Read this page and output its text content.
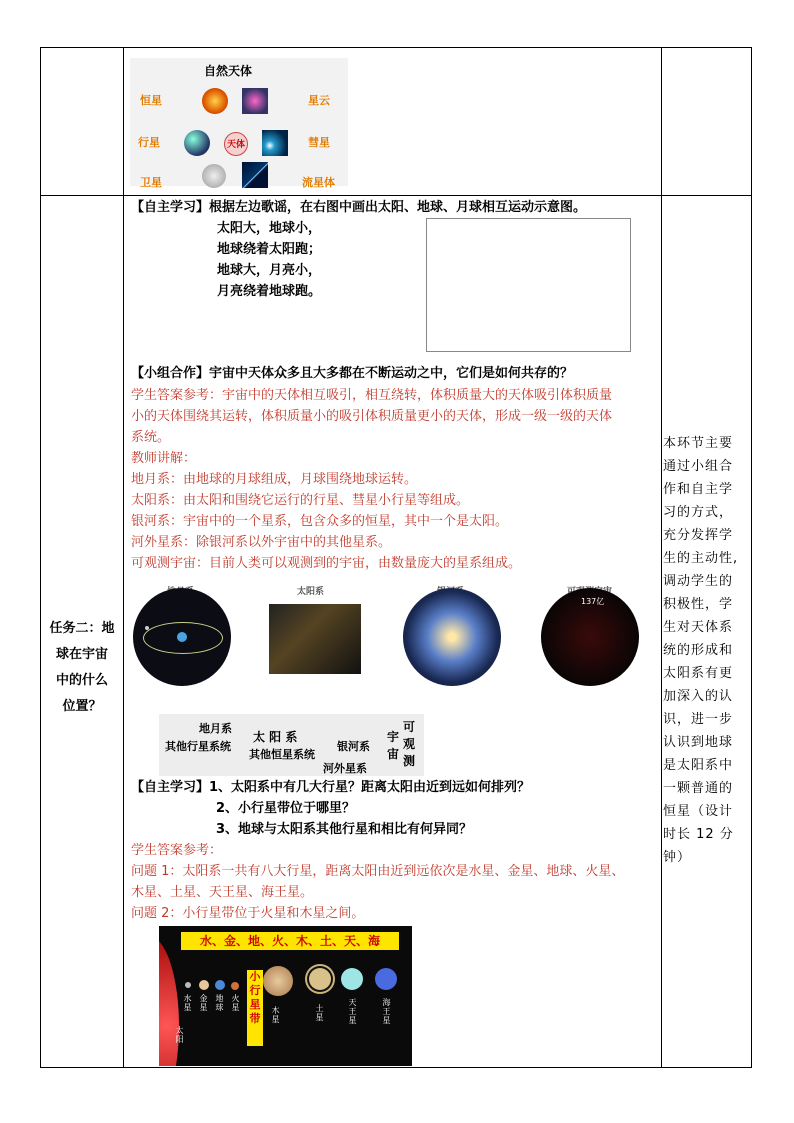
自然天体
恒星
行星
卫星
星云
彗星
流星体
天体
任务二：地
球在宇宙
中的什么
位置？
本环节主要
通过小组合
作和自主学
习的方式，
充分发挥学
生的主动性,
调动学生的
积极性，学
生对天体系
统的形成和
太阳系有更
加深入的认
识，进一步
认识到地球
是太阳系中
一颗普通的
恒星（设计
时长 12 分
钟）
【自主学习】根据左边歌谣，在右图中画出太阳、地球、月球相互运动示意图。
太阳大，地球小，
地球绕着太阳跑；
地球大，月亮小，
月亮绕着地球跑。
【小组合作】宇宙中天体众多且大多都在不断运动之中，它们是如何共存的？
学生答案参考：宇宙中的天体相互吸引，相互绕转，体积质量大的天体吸引体积质量
小的天体围绕其运转，体积质量小的吸引体积质量更小的天体，形成一级一级的天体
系统。
教师讲解：
地月系：由地球的月球组成，月球围绕地球运转。
太阳系：由太阳和围绕它运行的行星、彗星小行星等组成。
银河系：宇宙中的一个星系，包含众多的恒星，其中一个是太阳。
河外星系：除银河系以外宇宙中的其他星系。
可观测宇宙：目前人类可以观测到的宇宙，由数量庞大的星系组成。
太阳系
137亿
地月系
其他行星系统
太 阳 系
其他恒星系统
银河系
河外星系
宇宙
可观测
【自主学习】1、太阳系中有几大行星？距离太阳由近到远如何排列？
2、小行星带位于哪里？
3、地球与太阳系其他行星和相比有何异同？
学生答案参考：
问题 1：太阳系一共有八大行星，距离太阳由近到远依次是水星、金星、地球、火星、
木星、土星、天王星、海王星。
问题 2：小行星带位于火星和木星之间。
水、金、地、火、木、土、天、海
太阳
小行星带
水星
金星
地球
火星	木星
土星
天王星
海王星
